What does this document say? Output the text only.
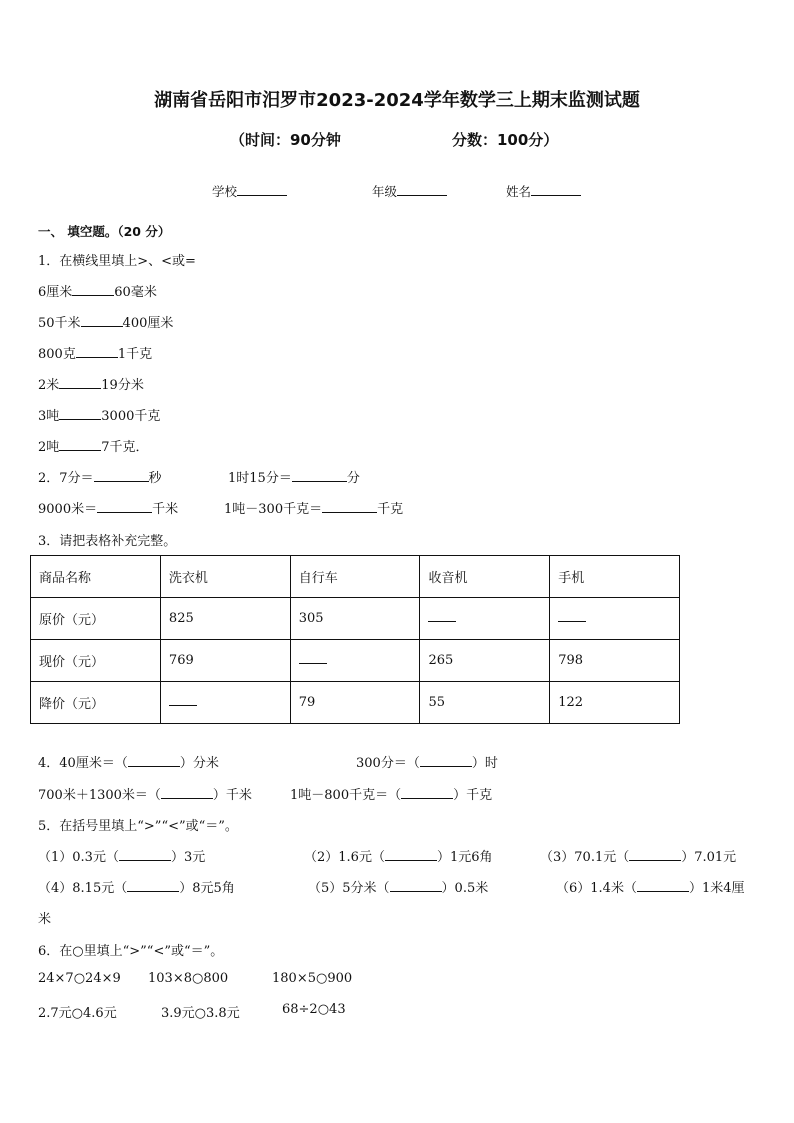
湖南省岳阳市汨罗市2023-2024学年数学三上期末监测试题
（时间：90分钟	分数：100分）
学校	年级	姓名
一、 填空题。（20 分）
1．在横线里填上>、<或=
6厘米	60毫米
50千米	400厘米
800克	1千克
2米	19分米
3吨	3000千克
2吨	7千克．
2．7分＝	秒	1时15分＝	分
9000米＝	千米	1吨－300千克＝	千克
3．请把表格补充完整。
商品名称	洗衣机	自行车	收音机	手机
原价（元）	825	305		
现价（元）	769		265	798
降价（元）		79	55	122
4．40厘米＝（	）分米	300分＝（	）时
700米＋1300米＝（	）千米	1吨－800千克＝（	）千克
5．在括号里填上“>”“<”或“＝”。
（1）0.3元（	）3元	（2）1.6元（	）1元6角	（3）70.1元（	）7.01元
（4）8.15元（	）8元5角	（5）5分米（	）0.5米	（6）1.4米（	）1米4厘
米
6．在○里填上“>”“<”或“＝”。
24×7○24×9 103×8○800	180×5○900
2.7元○4.6元	3.9元○3.8元	68÷2○43
